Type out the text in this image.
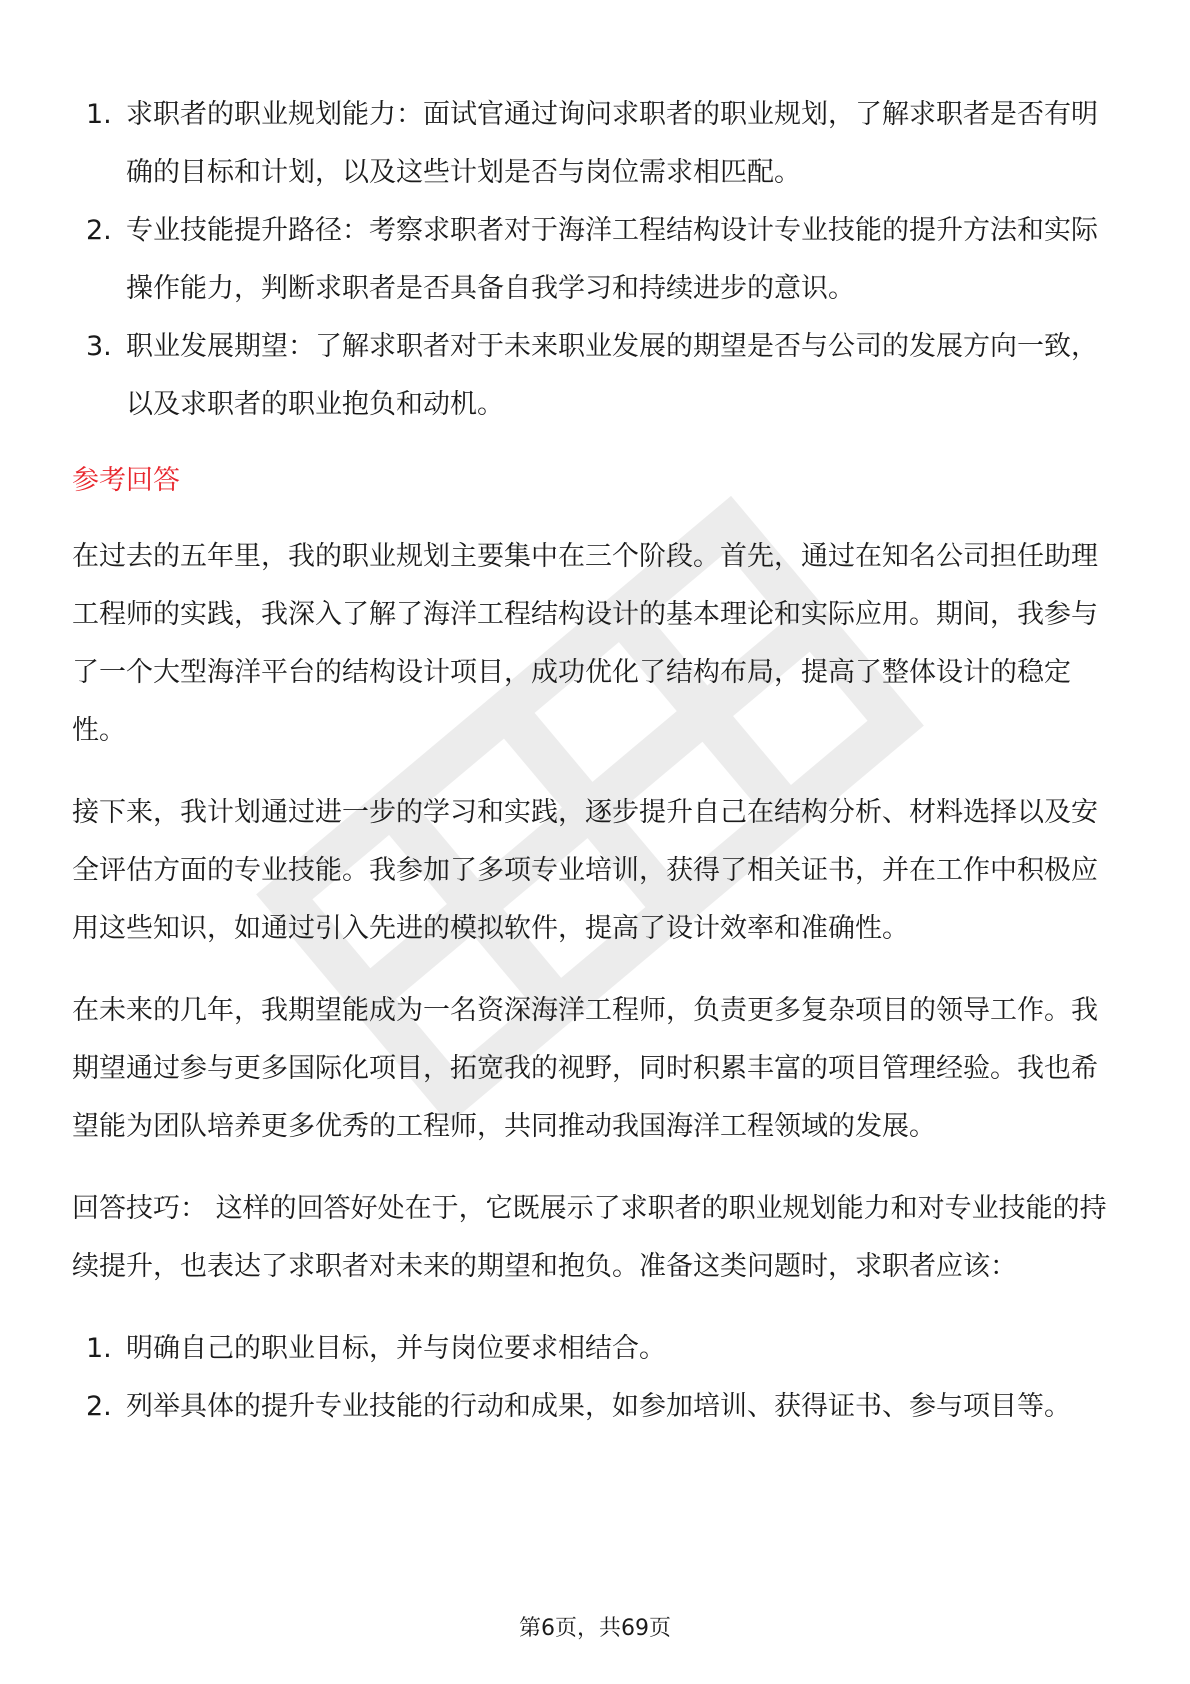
1. 求职者的职业规划能力：面试官通过询问求职者的职业规划，了解求职者是否有明确的目标和计划，以及这些计划是否与岗位需求相匹配。
2. 专业技能提升路径：考察求职者对于海洋工程结构设计专业技能的提升方法和实际操作能力，判断求职者是否具备自我学习和持续进步的意识。
3. 职业发展期望：了解求职者对于未来职业发展的期望是否与公司的发展方向一致，以及求职者的职业抱负和动机。
参考回答

在过去的五年里，我的职业规划主要集中在三个阶段。首先，通过在知名公司担任助理工程师的实践，我深入了解了海洋工程结构设计的基本理论和实际应用。期间，我参与了一个大型海洋平台的结构设计项目，成功优化了结构布局，提高了整体设计的稳定性。

接下来，我计划通过进一步的学习和实践，逐步提升自己在结构分析、材料选择以及安全评估方面的专业技能。我参加了多项专业培训，获得了相关证书，并在工作中积极应用这些知识，如通过引入先进的模拟软件，提高了设计效率和准确性。

在未来的几年，我期望能成为一名资深海洋工程师，负责更多复杂项目的领导工作。我期望通过参与更多国际化项目，拓宽我的视野，同时积累丰富的项目管理经验。我也希望能为团队培养更多优秀的工程师，共同推动我国海洋工程领域的发展。

回答技巧： 这样的回答好处在于，它既展示了求职者的职业规划能力和对专业技能的持续提升，也表达了求职者对未来的期望和抱负。准备这类问题时，求职者应该：

1. 明确自己的职业目标，并与岗位要求相结合。
2. 列举具体的提升专业技能的行动和成果，如参加培训、获得证书、参与项目等。
第6页，共69页
